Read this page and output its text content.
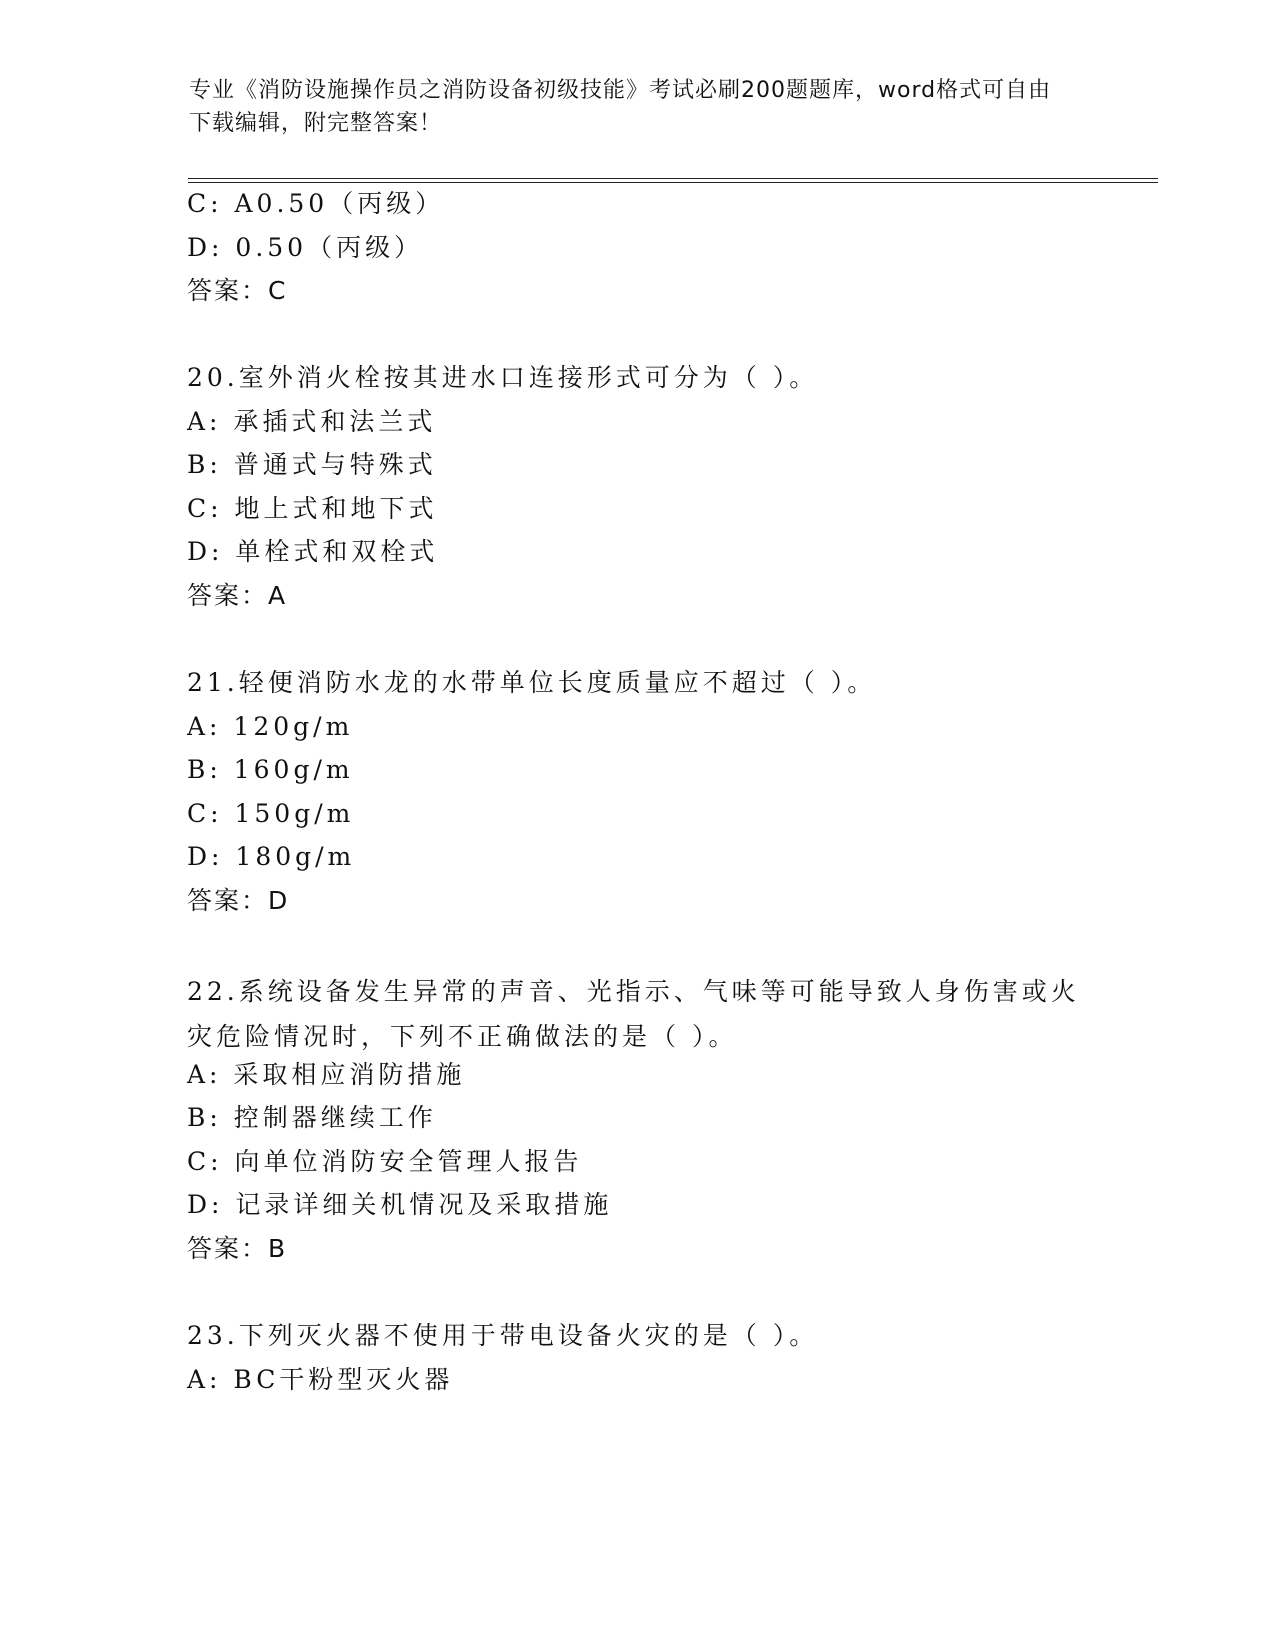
专业《消防设施操作员之消防设备初级技能》考试必刷200题题库，word格式可自由下载编辑，附完整答案！
C: A0.50（丙级）
D: 0.50（丙级）
答案：C
20.室外消火栓按其进水口连接形式可分为（ ）。
A: 承插式和法兰式
B: 普通式与特殊式
C: 地上式和地下式
D: 单栓式和双栓式
答案：A
21.轻便消防水龙的水带单位长度质量应不超过（ ）。
A: 120g/m
B: 160g/m
C: 150g/m
D: 180g/m
答案：D
22.系统设备发生异常的声音、光指示、气味等可能导致人身伤害或火灾危险情况时，下列不正确做法的是（ ）。
A: 采取相应消防措施
B: 控制器继续工作
C: 向单位消防安全管理人报告
D: 记录详细关机情况及采取措施
答案：B
23.下列灭火器不使用于带电设备火灾的是（ ）。
A: BC干粉型灭火器
